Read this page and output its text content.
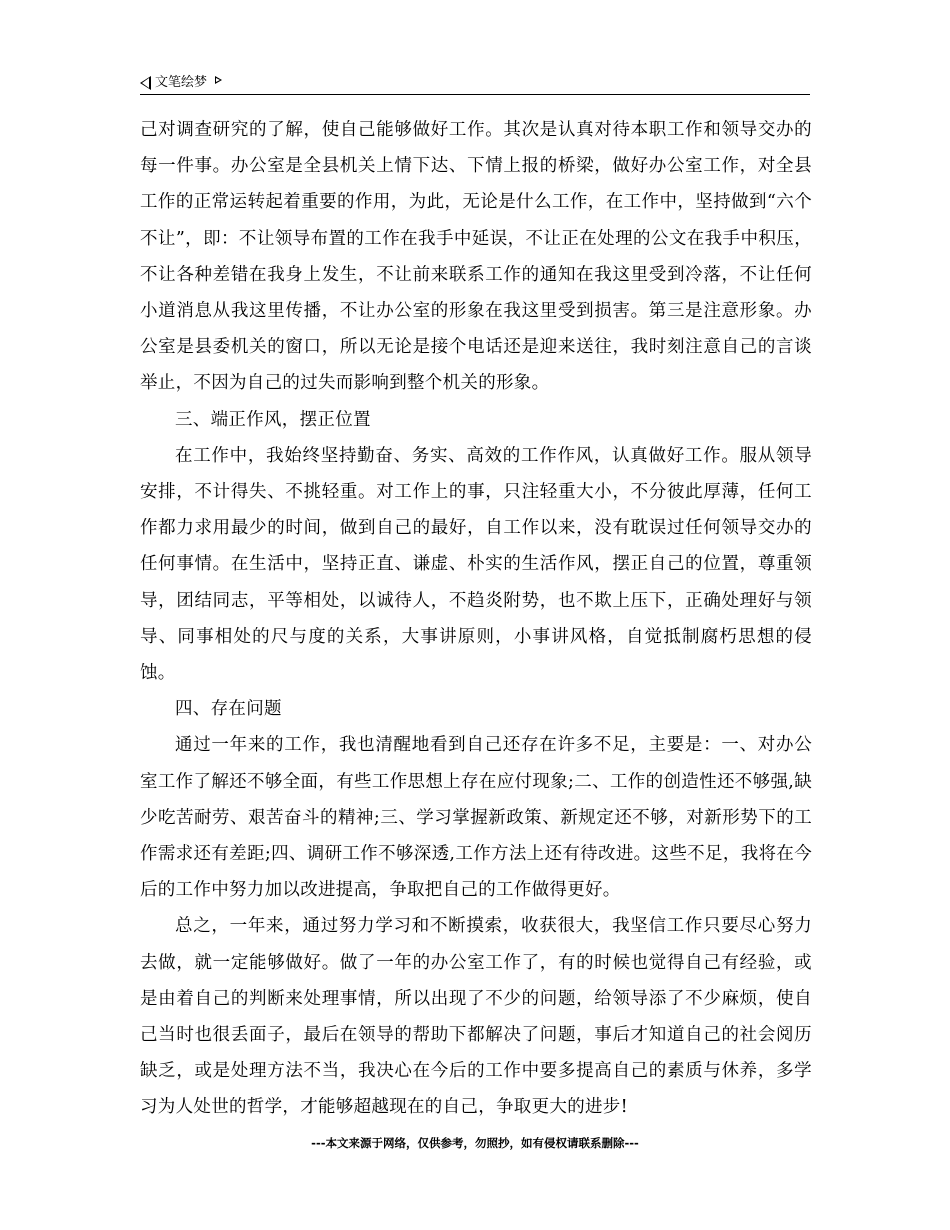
文笔绘梦

己对调查研究的了解，使自己能够做好工作。其次是认真对待本职工作和领导交办的每一件事。办公室是全县机关上情下达、下情上报的桥梁，做好办公室工作，对全县工作的正常运转起着重要的作用，为此，无论是什么工作，在工作中，坚持做到“六个不让”，即：不让领导布置的工作在我手中延误，不让正在处理的公文在我手中积压，不让各种差错在我身上发生，不让前来联系工作的通知在我这里受到冷落，不让任何小道消息从我这里传播，不让办公室的形象在我这里受到损害。第三是注意形象。办公室是县委机关的窗口，所以无论是接个电话还是迎来送往，我时刻注意自己的言谈举止，不因为自己的过失而影响到整个机关的形象。

三、端正作风，摆正位置

在工作中，我始终坚持勤奋、务实、高效的工作作风，认真做好工作。服从领导安排，不计得失、不挑轻重。对工作上的事，只注轻重大小，不分彼此厚薄，任何工作都力求用最少的时间，做到自己的最好，自工作以来，没有耽误过任何领导交办的任何事情。在生活中，坚持正直、谦虚、朴实的生活作风，摆正自己的位置，尊重领导，团结同志，平等相处，以诚待人，不趋炎附势，也不欺上压下，正确处理好与领导、同事相处的尺与度的关系，大事讲原则，小事讲风格，自觉抵制腐朽思想的侵蚀。

四、存在问题

通过一年来的工作，我也清醒地看到自己还存在许多不足，主要是：一、对办公室工作了解还不够全面，有些工作思想上存在应付现象;二、工作的创造性还不够强,缺少吃苦耐劳、艰苦奋斗的精神;三、学习掌握新政策、新规定还不够，对新形势下的工作需求还有差距;四、调研工作不够深透,工作方法上还有待改进。这些不足，我将在今后的工作中努力加以改进提高，争取把自己的工作做得更好。

总之，一年来，通过努力学习和不断摸索，收获很大，我坚信工作只要尽心努力去做，就一定能够做好。做了一年的办公室工作了，有的时候也觉得自己有经验，或是由着自己的判断来处理事情，所以出现了不少的问题，给领导添了不少麻烦，使自己当时也很丢面子，最后在领导的帮助下都解决了问题，事后才知道自己的社会阅历缺乏，或是处理方法不当，我决心在今后的工作中要多提高自己的素质与休养，多学习为人处世的哲学，才能够超越现在的自己，争取更大的进步!

---本文来源于网络，仅供参考，勿照抄，如有侵权请联系删除---
